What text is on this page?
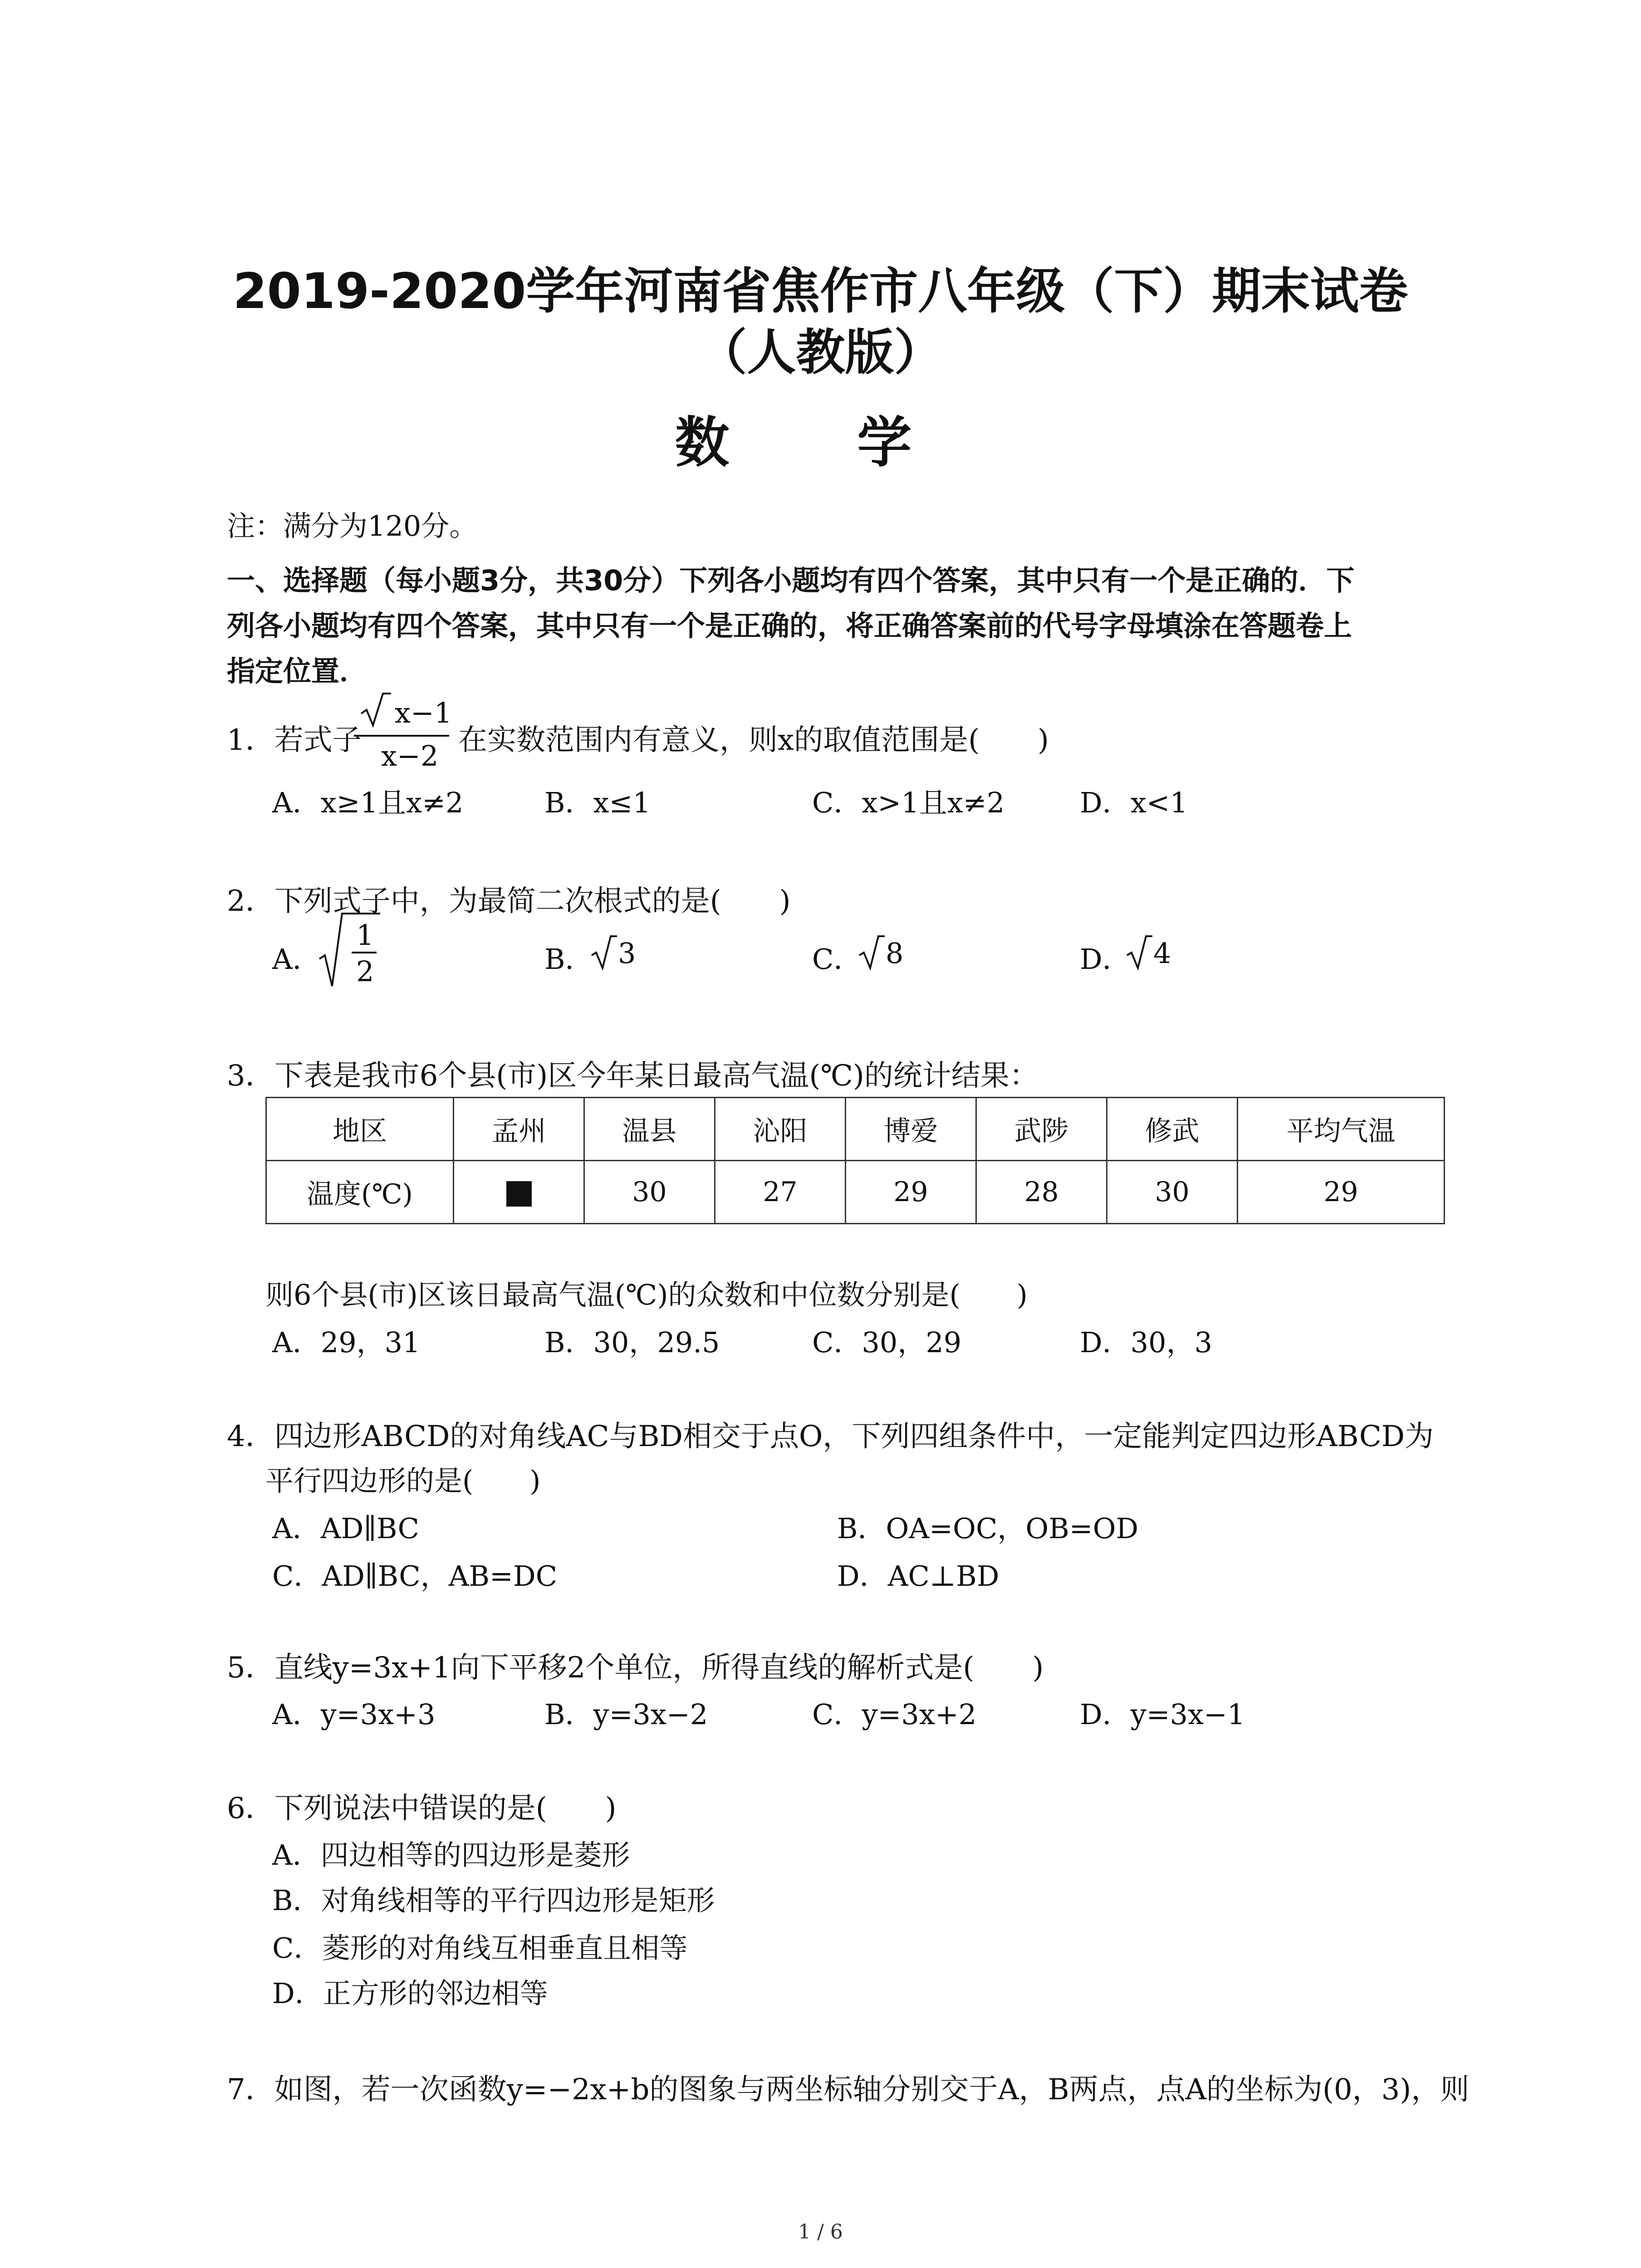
2019-2020学年河南省焦作市八年级（下）期末试卷
（人教版）
数 学
注：满分为120分。
一、选择题（每小题3分，共30分）下列各小题均有四个答案，其中只有一个是正确的．下
列各小题均有四个答案，其中只有一个是正确的，将正确答案前的代号字母填涂在答题卷上
指定位置．
1．若式子
x−1
x−2 在实数范围内有意义，则x的取值范围是(　　)
A．x≥1且x≠2	B．x≤1	C．x>1且x≠2	D．x<1
2．下列式子中，为最简二次根式的是(　　)
A．
1
2	B． 3	C． 8	D． 4
3．下表是我市6个县(市)区今年某日最高气温(℃)的统计结果：
地区	孟州	温县	沁阳	博爱	武陟	修武	平均气温
温度(℃)		30	27	29	28	30	29
则6个县(市)区该日最高气温(℃)的众数和中位数分别是(　　)
A．29，31	B．30，29.5	C．30，29	D．30，3
4．四边形ABCD的对角线AC与BD相交于点O，下列四组条件中，一定能判定四边形ABCD为
平行四边形的是(　　)
A．AD∥BC	B．OA=OC，OB=OD
C．AD∥BC，AB=DC	D．AC⊥BD
5．直线y=3x+1向下平移2个单位，所得直线的解析式是(　　)
A．y=3x+3	B．y=3x−2	C．y=3x+2	D．y=3x−1
6．下列说法中错误的是(　　)
A．四边相等的四边形是菱形
B．对角线相等的平行四边形是矩形
C．菱形的对角线互相垂直且相等
D．正方形的邻边相等
7．如图，若一次函数y=−2x+b的图象与两坐标轴分别交于A，B两点，点A的坐标为(0，3)，则
1 / 6
